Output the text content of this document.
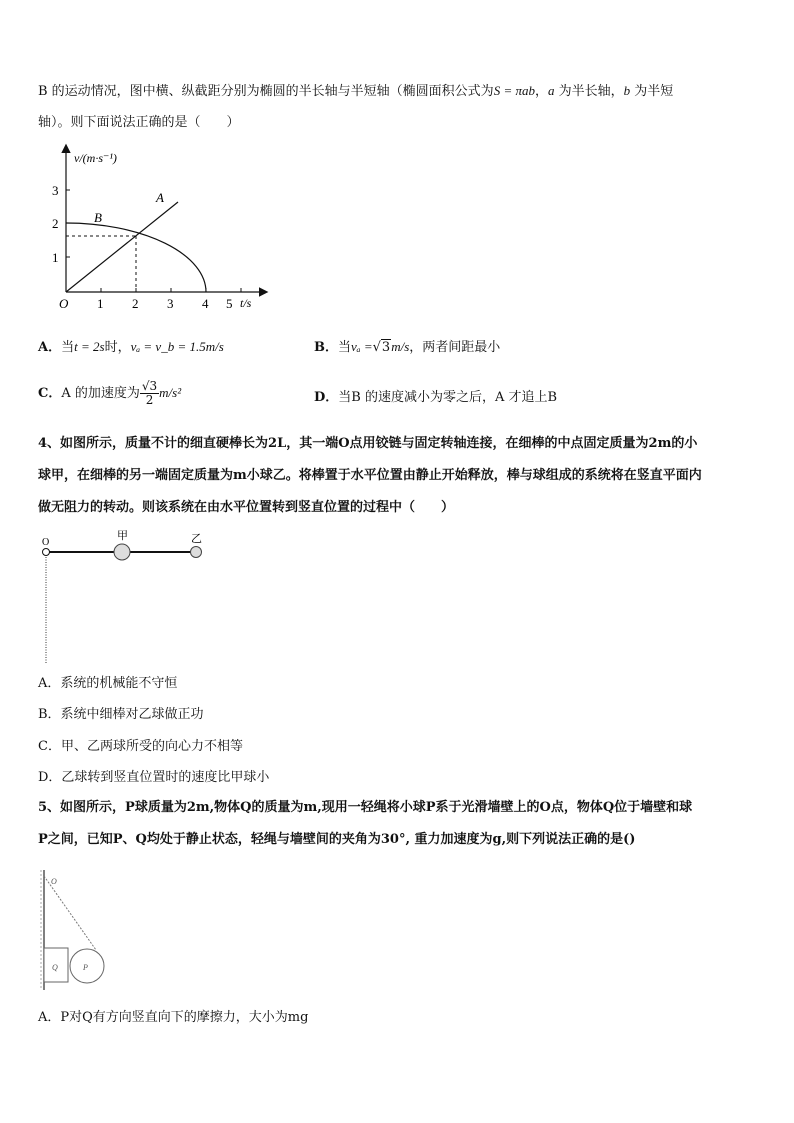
B 的运动情况，图中横、纵截距分别为椭圆的半长轴与半短轴（椭圆面积公式为S = πab，a 为半长轴，b 为半短
轴）。则下面说法正确的是（　　）
v/(m·s⁻¹)
t/s
O 1 2 3 4 5
1
2
3	A
B
A．当t = 2s时，vₐ = v_b = 1.5m/s	B．当vₐ =√3m/s，两者间距最小
C．A 的加速度为 $\frac{√3}{2} m/s^2$	D．当B 的速度减小为零之后，A 才追上B
4、如图所示，质量不计的细直硬棒长为2L，其一端O点用铰链与固定转轴连接，在细棒的中点固定质量为2m的小
球甲，在细棒的另一端固定质量为m小球乙。将棒置于水平位置由静止开始释放，棒与球组成的系统将在竖直平面内
做无阻力的转动。则该系统在由水平位置转到竖直位置的过程中（　　）
O
甲	乙
A．系统的机械能不守恒
B．系统中细棒对乙球做正功
C．甲、乙两球所受的向心力不相等
D．乙球转到竖直位置时的速度比甲球小
5、如图所示，P球质量为2m,物体Q的质量为m,现用一轻绳将小球P系于光滑墙壁上的O点，物体Q位于墙壁和球
P之间，已知P、Q均处于静止状态，轻绳与墙壁间的夹角为30°, 重力加速度为g,则下列说法正确的是()
O
Q	P
A．P对Q有方向竖直向下的摩擦力，大小为mg
